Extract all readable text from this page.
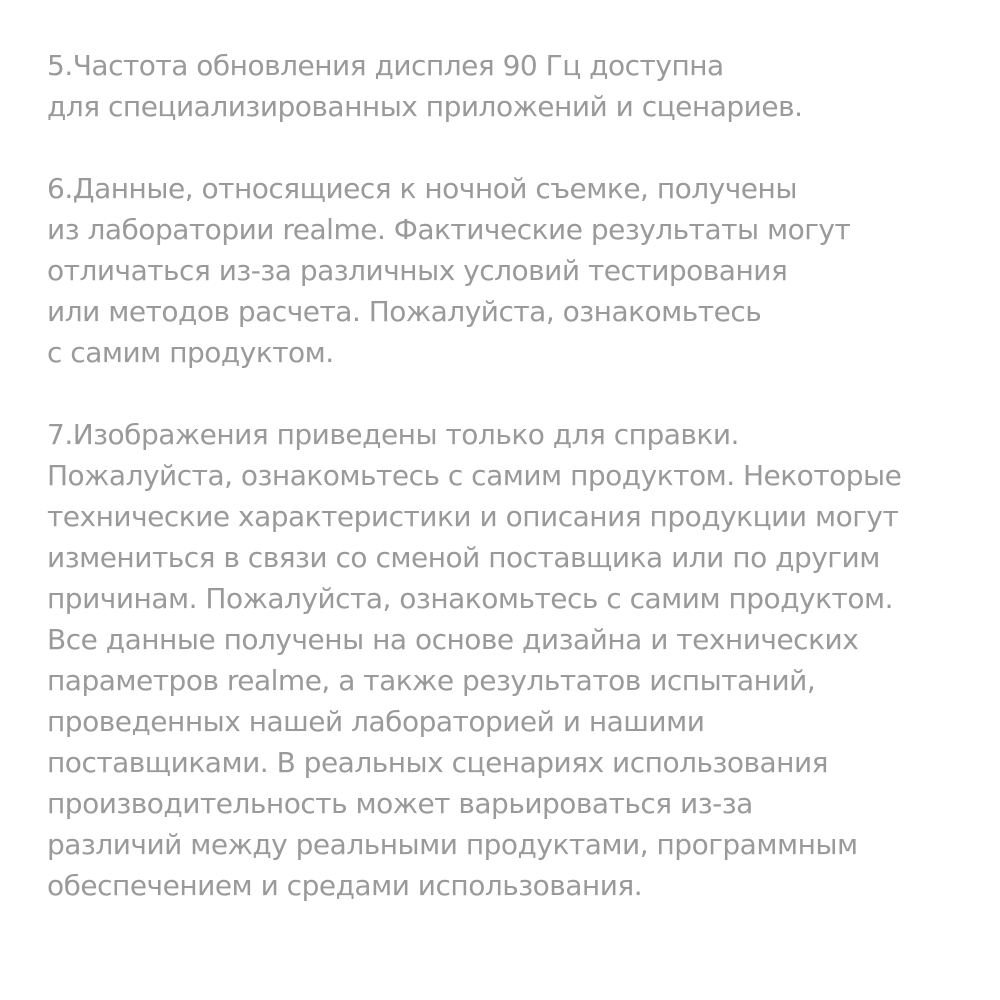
5.Частота обновления дисплея 90 Гц доступна
для специализированных приложений и сценариев.
6.Данные, относящиеся к ночной съемке, получены
из лаборатории realme. Фактические результаты могут
отличаться из-за различных условий тестирования
или методов расчета. Пожалуйста, ознакомьтесь
с самим продуктом.
7.Изображения приведены только для справки.
Пожалуйста, ознакомьтесь с самим продуктом. Некоторые
технические характеристики и описания продукции могут
измениться в связи со сменой поставщика или по другим
причинам. Пожалуйста, ознакомьтесь с самим продуктом.
Все данные получены на основе дизайна и технических
параметров realme, а также результатов испытаний,
проведенных нашей лабораторией и нашими
поставщиками. В реальных сценариях использования
производительность может варьироваться из-за
различий между реальными продуктами, программным
обеспечением и средами использования.
